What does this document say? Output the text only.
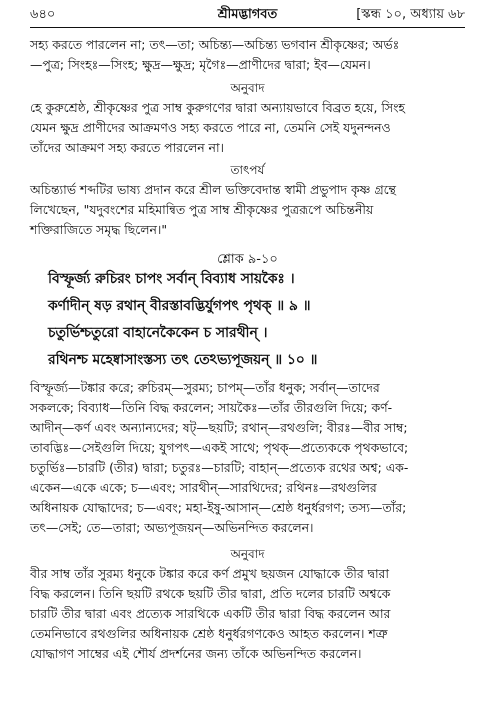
৬৪০	শ্রীমদ্ভাগবত	[স্কন্ধ ১০, অধ্যায় ৬৮
সহ্য করতে পারলেন না; তৎ—তা; অচিন্ত্য—অচিন্ত্য ভগবান শ্রীকৃষ্ণের; অর্ভঃ
—পুত্র; সিংহঃ—সিংহ; ক্ষুদ্র—ক্ষুদ্র; মৃগৈঃ—প্রাণীদের দ্বারা; ইব—যেমন।
অনুবাদ
হে কুরুশ্রেষ্ঠ, শ্রীকৃষ্ণের পুত্র সাম্ব কুরুগণের দ্বারা অন্যায়ভাবে বিব্রত হয়ে, সিংহ
যেমন ক্ষুদ্র প্রাণীদের আক্রমণও সহ্য করতে পারে না, তেমনি সেই যদুনন্দনও
তাঁদের আক্রমণ সহ্য করতে পারলেন না।
তাৎপর্য
অচিন্ত্যার্ভ শব্দটির ভাষ্য প্রদান করে শ্রীল ভক্তিবেদান্ত স্বামী প্রভুপাদ কৃষ্ণ গ্রন্থে
লিখেছেন, "যদুবংশের মহিমান্বিত পুত্র সাম্ব শ্রীকৃষ্ণের পুত্ররূপে অচিন্তনীয়
শক্তিরাজিতে সমৃদ্ধ ছিলেন।"
শ্লোক ৯-১০
বিস্ফূর্জ্য রুচিরং চাপং সর্বান্ বিব্যাধ সায়কৈঃ ।
কর্ণাদীন্ ষড় রথান্ বীরস্তাবদ্ভির্যুগপৎ পৃথক্ ॥ ৯ ॥
চতুর্ভিশ্চতুরো বাহানেকৈকেন চ সারথীন্ ।
রথিনশ্চ মহেষ্বাসাংস্তস্য তৎ তেঽভ্যপূজয়ন্ ॥ ১০ ॥
বিস্ফূর্জ্য—টঙ্কার করে; রুচিরম্—সুরম্য; চাপম্—তাঁর ধনুক; সর্বান্—তাদের
সকলকে; বিব্যাধ—তিনি বিদ্ধ করলেন; সায়কৈঃ—তাঁর তীরগুলি দিয়ে; কর্ণ-
আদীন্—কর্ণ এবং অন্যান্যদের; ষট্—ছয়টি; রথান্—রথগুলি; বীরঃ—বীর সাম্ব;
তাবদ্ভিঃ—সেইগুলি দিয়ে; যুগপৎ—একই সাথে; পৃথক্—প্রত্যেককে পৃথকভাবে;
চতুর্ভিঃ—চারটি (তীর) দ্বারা; চতুরঃ—চারটি; বাহান্—প্রত্যেক রথের অশ্ব; এক-
একেন—একে একে; চ—এবং; সারথীন্—সারথিদের; রথিনঃ—রথগুলির
অধিনায়ক যোদ্ধাদের; চ—এবং; মহা-ইষু-আসান্—শ্রেষ্ঠ ধনুর্ধরগণ; তস্য—তাঁর;
তৎ—সেই; তে—তারা; অভ্যপূজয়ন্—অভিনন্দিত করলেন।
অনুবাদ
বীর সাম্ব তাঁর সুরম্য ধনুকে টঙ্কার করে কর্ণ প্রমুখ ছয়জন যোদ্ধাকে তীর দ্বারা
বিদ্ধ করলেন। তিনি ছয়টি রথকে ছয়টি তীর দ্বারা, প্রতি দলের চারটি অশ্বকে
চারটি তীর দ্বারা এবং প্রত্যেক সারথিকে একটি তীর দ্বারা বিদ্ধ করলেন আর
তেমনিভাবে রথগুলির অধিনায়ক শ্রেষ্ঠ ধনুর্ধরগণকেও আহত করলেন। শত্রু
যোদ্ধাগণ সাম্বের এই শৌর্য প্রদর্শনের জন্য তাঁকে অভিনন্দিত করলেন।
